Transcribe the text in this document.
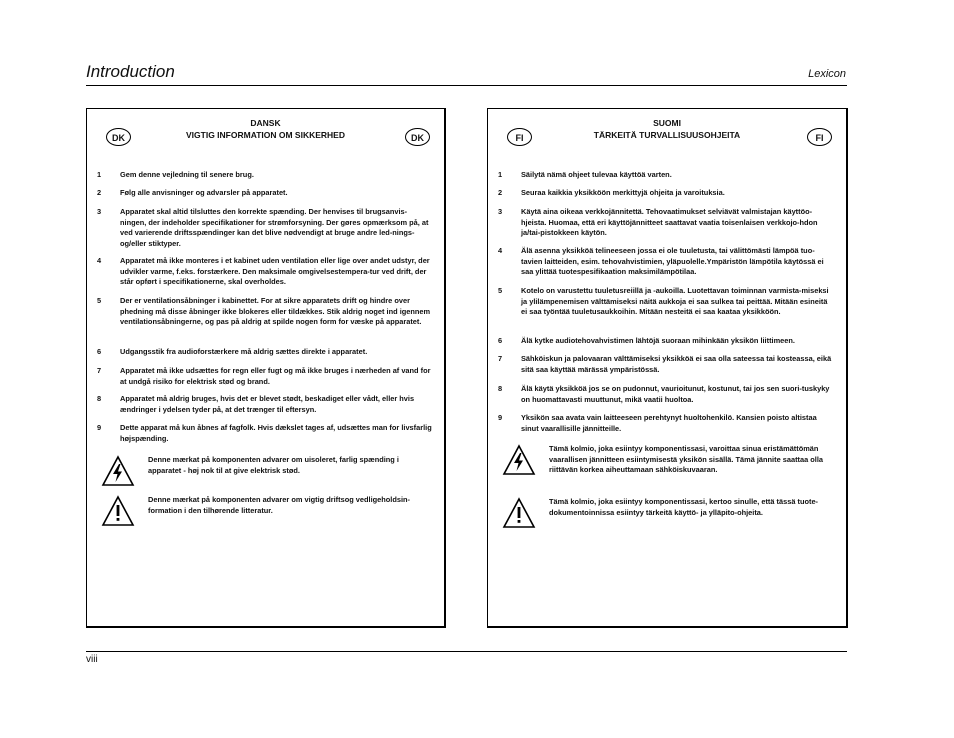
Introduction	Lexicon
DANSK
VIGTIG INFORMATION OM SIKKERHED
DK	DK
1	Gem denne vejledning til senere brug.
2	Følg alle anvisninger og advarsler på apparatet.
3	Apparatet skal altid tilsluttes den korrekte spænding. Der henvises til brugsanvis-ningen, der indeholder specifikationer for strømforsyning. Der gøres opmærksom på, at ved varierende driftsspændinger kan det blive nødvendigt at bruge andre led-nings- og/eller stiktyper.
4	Apparatet må ikke monteres i et kabinet uden ventilation eller lige over andet udstyr, der udvikler varme, f.eks. forstærkere. Den maksimale omgivelsestempera-tur ved drift, der står opført i specifikationerne, skal overholdes.
5	Der er ventilationsåbninger i kabinettet. For at sikre apparatets drift og hindre over phedning må disse åbninger ikke blokeres eller tildækkes. Stik aldrig noget ind igennem ventilationsåbningerne, og pas på aldrig at spilde nogen form for væske på apparatet.
6	Udgangsstik fra audioforstærkere må aldrig sættes direkte i apparatet.
7	Apparatet må ikke udsættes for regn eller fugt og må ikke bruges i nærheden af vand for at undgå risiko for elektrisk stød og brand.
8	Apparatet må aldrig bruges, hvis det er blevet stødt, beskadiget eller vådt, eller hvis ændringer i ydelsen tyder på, at det trænger til eftersyn.
9	Dette apparat må kun åbnes af fagfolk. Hvis dækslet tages af, udsættes man for livsfarlig højspænding.
Denne mærkat på komponenten advarer om uisoleret, farlig spænding i apparatet - høj nok til at give elektrisk stød.
Denne mærkat på komponenten advarer om vigtig driftsog vedligeholdsin-formation i den tilhørende litteratur.
SUOMI
TÄRKEITÄ TURVALLISUUSOHJEITA
FI	FI
1	Säilytä nämä ohjeet tulevaa käyttöä varten.
2	Seuraa kaikkia yksikköön merkittyjä ohjeita ja varoituksia.
3	Käytä aina oikeaa verkkojännitettä. Tehovaatimukset selviävät valmistajan käyttöo-hjeista. Huomaa, että eri käyttöjännitteet saattavat vaatia toisenlaisen verkkojo-hdon ja/tai-pistokkeen käytön.
4	Älä asenna yksikköä telineeseen jossa ei ole tuuletusta, tai välittömästi lämpöä tuo-tavien laitteiden, esim. tehovahvistimien, yläpuolelle.Ympäristön lämpötila käytössä ei saa ylittää tuotespesifikaation maksimilämpötilaa.
5	Kotelo on varustettu tuuletusreiillä ja -aukoilla. Luotettavan toiminnan varmista-miseksi ja ylilämpenemisen välttämiseksi näitä aukkoja ei saa sulkea tai peittää. Mitään esineitä ei saa työntää tuuletusaukkoihin. Mitään nesteitä ei saa kaataa yksikköön.
6	Älä kytke audiotehovahvistimen lähtöjä suoraan mihinkään yksikön liittimeen.
7	Sähköiskun ja palovaaran välttämiseksi yksikköä ei saa olla sateessa tai kosteassa, eikä sitä saa käyttää märässä ympäristössä.
8	Älä käytä yksikköä jos se on pudonnut, vaurioitunut, kostunut, tai jos sen suori-tuskyky on huomattavasti muuttunut, mikä vaatii huoltoa.
9	Yksikön saa avata vain laitteeseen perehtynyt huoltohenkilö. Kansien poisto altistaa sinut vaarallisille jännitteille.
Tämä kolmio, joka esiintyy komponentissasi, varoittaa sinua eristämättömän vaarallisen jännitteen esiintymisestä yksikön sisällä. Tämä jännite saattaa olla riittävän korkea aiheuttamaan sähköiskuvaaran.
Tämä kolmio, joka esiintyy komponentissasi, kertoo sinulle, että tässä tuote-dokumentoinnissa esiintyy tärkeitä käyttö- ja ylläpito-ohjeita.
viii
